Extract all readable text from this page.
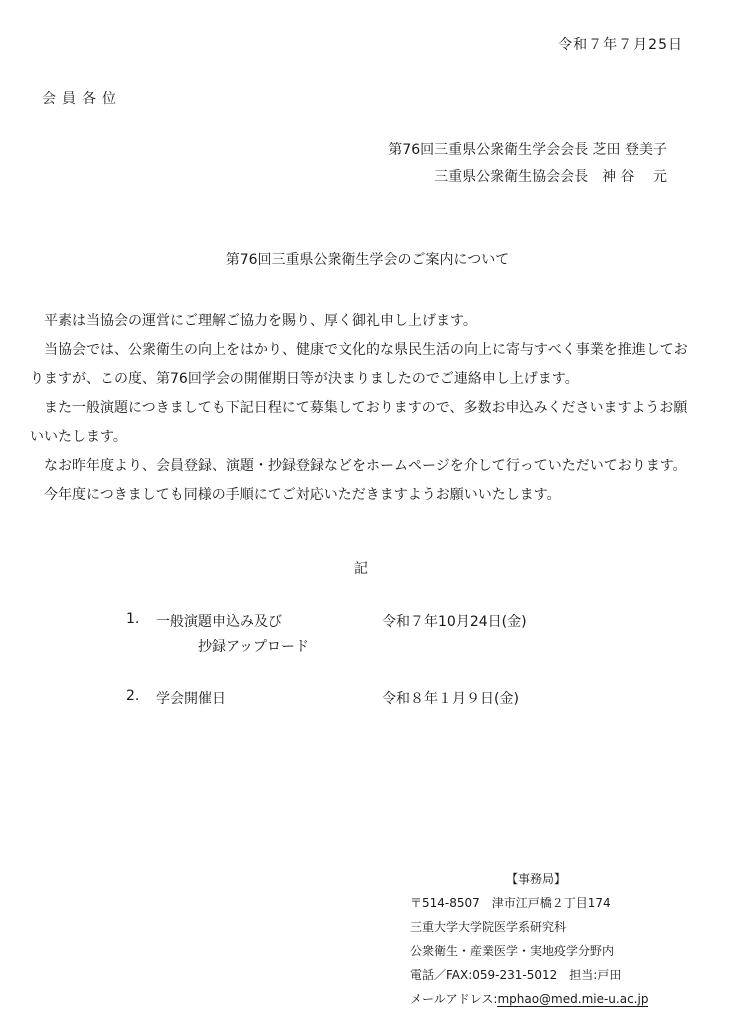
令和７年７月25日
会員各位
第76回三重県公衆衛生学会会長 芝田 登美子
三重県公衆衛生協会会長　神 谷　 元
第76回三重県公衆衛生学会のご案内について

平素は当協会の運営にご理解ご協力を賜り、厚く御礼申し上げます。

当協会では、公衆衛生の向上をはかり、健康で文化的な県民生活の向上に寄与すべく事業を推進しておりますが、この度、第76回学会の開催期日等が決まりましたのでご連絡申し上げます。

また一般演題につきましても下記日程にて募集しておりますので、多数お申込みくださいますようお願いいたします。

なお昨年度より、会員登録、演題・抄録登録などをホームページを介して行っていただいております。

今年度につきましても同様の手順にてご対応いただきますようお願いいたします。

記
1. 一般演題申込み及び
抄録アップロード
令和７年10月24日(金)
2. 学会開催日	令和８年１月９日(金)
【事務局】
〒514-8507　津市江戸橋２丁目174
三重大学大学院医学系研究科
公衆衛生・産業医学・実地疫学分野内
電話／FAX:059-231-5012　担当:戸田
メールアドレス:mphao@med.mie-u.ac.jp
